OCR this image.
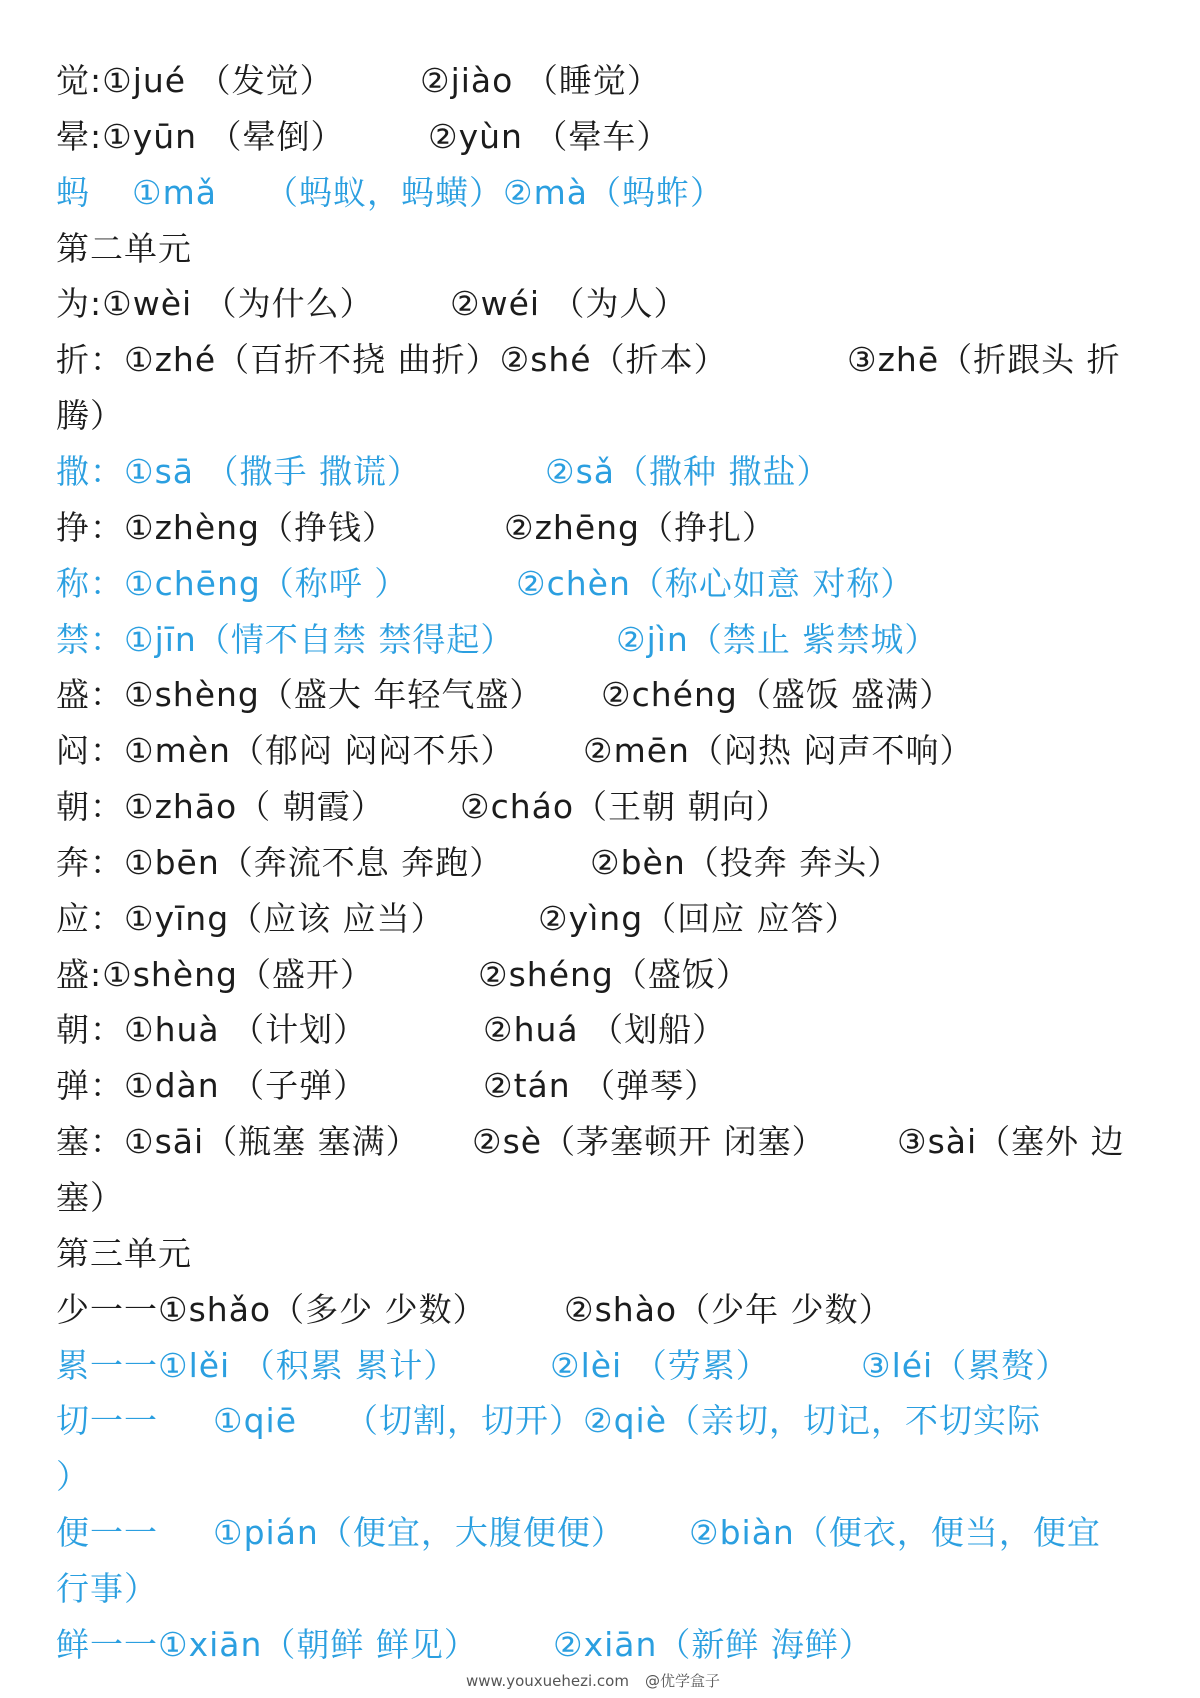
觉:①jué （发觉）	②jiào （睡觉）
晕:①yūn （晕倒）	②yùn （晕车）
蚂 ①mǎ （蚂蚁，蚂蟥）②mà（蚂蚱）
第二单元
为:①wèi （为什么） ②wéi （为人）
折：①zhé（百折不挠 曲折）②shé（折本）	③zhē（折跟头 折
腾）
撒：①sā （撒手 撒谎）	②sǎ（撒种 撒盐）
挣：①zhèng（挣钱）	②zhēng（挣扎）
称：①chēng（称呼 ）	②chèn（称心如意 对称）
禁：①jīn（情不自禁 禁得起）	②jìn（禁止 紫禁城）
盛：①shèng（盛大 年轻气盛） ②chéng（盛饭 盛满）
闷：①mèn（郁闷 闷闷不乐） ②mēn（闷热 闷声不响）
朝：①zhāo（ 朝霞） ②cháo（王朝 朝向）
奔：①bēn（奔流不息 奔跑）	②bèn（投奔 奔头）
应：①yīng（应该 应当）	②yìng（回应 应答）
盛:①shèng（盛开）	②shéng（盛饭）
朝：①huà （计划）	②huá （划船）
弹：①dàn （子弹）	②tán （弹琴）
塞：①sāi（瓶塞 塞满） ②sè（茅塞顿开 闭塞） ③sài（塞外 边
塞）
第三单元
少一一①shǎo（多少 少数） ②shào（少年 少数）
累一一①lěi （积累 累计）	②lèi （劳累）	③léi（累赘）
切一一 ①qiē （切割，切开）②qiè（亲切，切记，不切实际
）
便一一 ①pián（便宜，大腹便便） ②biàn（便衣，便当，便宜
行事）
鲜一一①xiān（朝鲜 鲜见） ②xiān（新鲜 海鲜）
www.youxuehezi.com @优学盒子
